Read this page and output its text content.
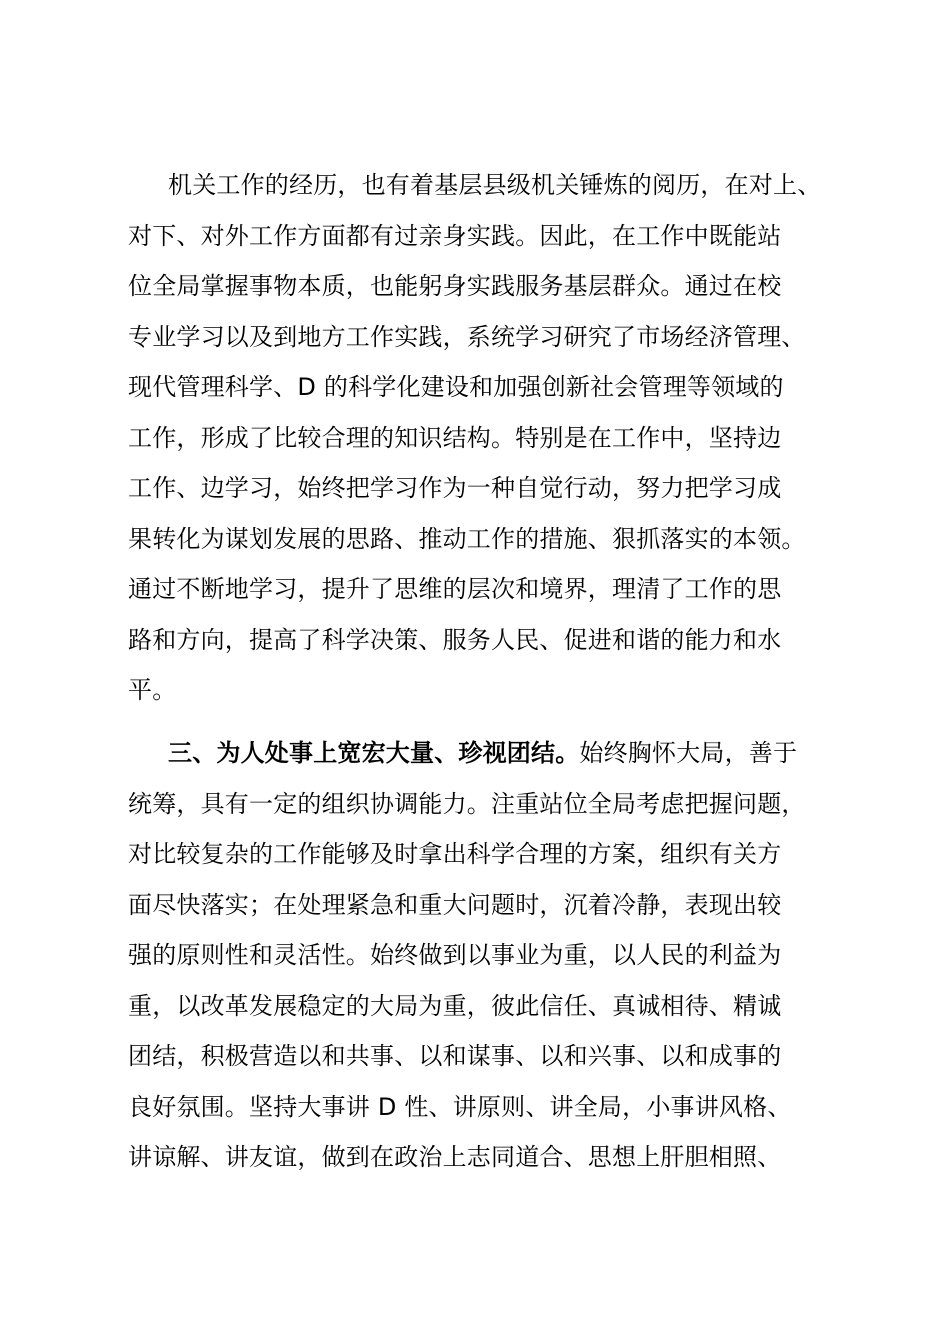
机关工作的经历，也有着基层县级机关锤炼的阅历，在对上、
对下、对外工作方面都有过亲身实践。因此，在工作中既能站
位全局掌握事物本质，也能躬身实践服务基层群众。通过在校
专业学习以及到地方工作实践，系统学习研究了市场经济管理、
现代管理科学、D 的科学化建设和加强创新社会管理等领域的
工作，形成了比较合理的知识结构。特别是在工作中，坚持边
工作、边学习，始终把学习作为一种自觉行动，努力把学习成
果转化为谋划发展的思路、推动工作的措施、狠抓落实的本领。
通过不断地学习，提升了思维的层次和境界，理清了工作的思
路和方向，提高了科学决策、服务人民、促进和谐的能力和水
平。
三、为人处事上宽宏大量、珍视团结。始终胸怀大局，善于
统筹，具有一定的组织协调能力。注重站位全局考虑把握问题，
对比较复杂的工作能够及时拿出科学合理的方案，组织有关方
面尽快落实；在处理紧急和重大问题时，沉着冷静，表现出较
强的原则性和灵活性。始终做到以事业为重，以人民的利益为
重，以改革发展稳定的大局为重，彼此信任、真诚相待、精诚
团结，积极营造以和共事、以和谋事、以和兴事、以和成事的
良好氛围。坚持大事讲 D 性、讲原则、讲全局，小事讲风格、
讲谅解、讲友谊，做到在政治上志同道合、思想上肝胆相照、
